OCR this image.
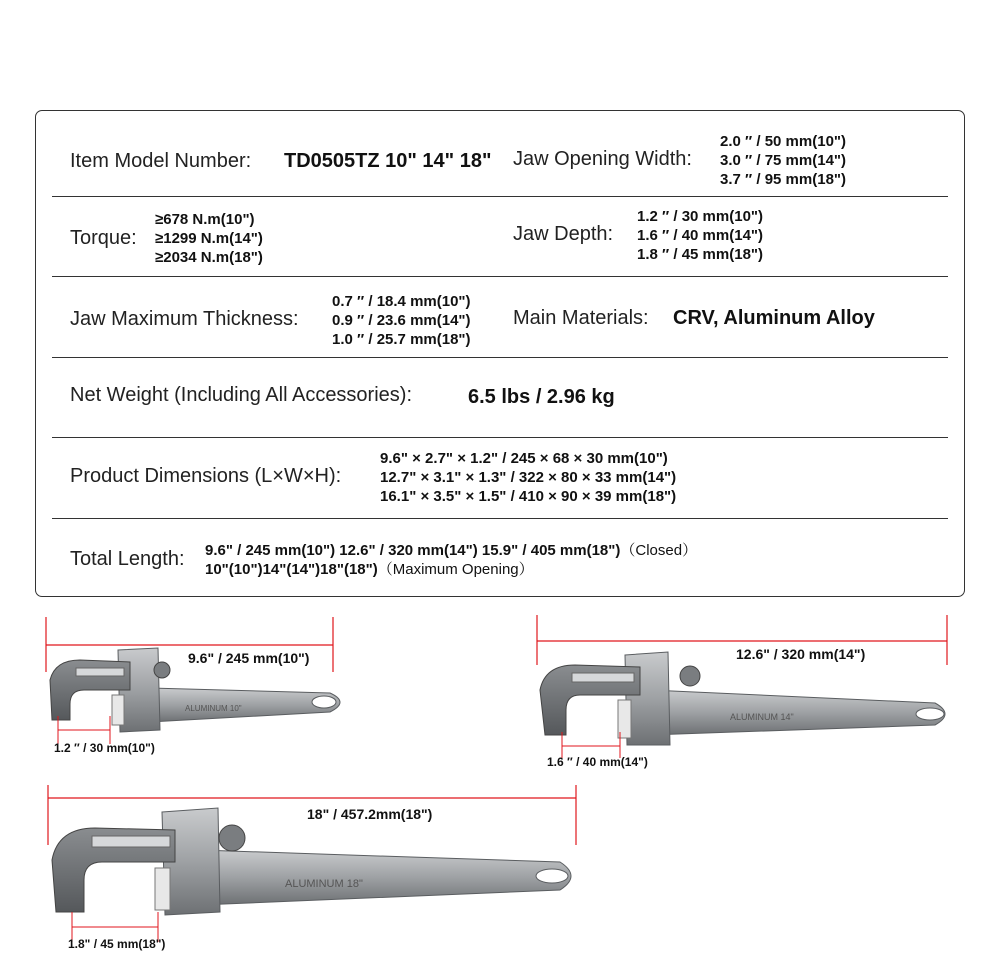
Item Model Number: TD0505TZ 10" 14" 18" Jaw Opening Width:
2.0 ″ / 50 mm(10")
3.0 ″ / 75 mm(14")
3.7 ″ / 95 mm(18")
Torque:
≥678 N.m(10")
≥1299 N.m(14")
≥2034 N.m(18")
Jaw Depth:
1.2 ″ / 30 mm(10")
1.6 ″ / 40 mm(14")
1.8 ″ / 45 mm(18")
Jaw Maximum Thickness:
0.7 ″ / 18.4 mm(10")
0.9 ″ / 23.6 mm(14")
1.0 ″ / 25.7 mm(18")
Main Materials: CRV, Aluminum Alloy
Net Weight (Including All Accessories):	6.5 lbs / 2.96 kg
Product Dimensions (L×W×H):
9.6" × 2.7" × 1.2" / 245 × 68 × 30 mm(10")
12.7" × 3.1" × 1.3" / 322 × 80 × 33 mm(14")
16.1" × 3.5" × 1.5" / 410 × 90 × 39 mm(18")
Total Length: 9.6" / 245 mm(10") 12.6" / 320 mm(14") 15.9" / 405 mm(18")（Closed）
10"(10")14"(14")18"(18")（Maximum Opening）
ALUMINUM 10"
ALUMINUM 14"
ALUMINUM 18"
9.6" / 245 mm(10")
1.2 ″ / 30 mm(10")
12.6" / 320 mm(14")
1.6 ″ / 40 mm(14")
18" / 457.2mm(18")
1.8" / 45 mm(18")
